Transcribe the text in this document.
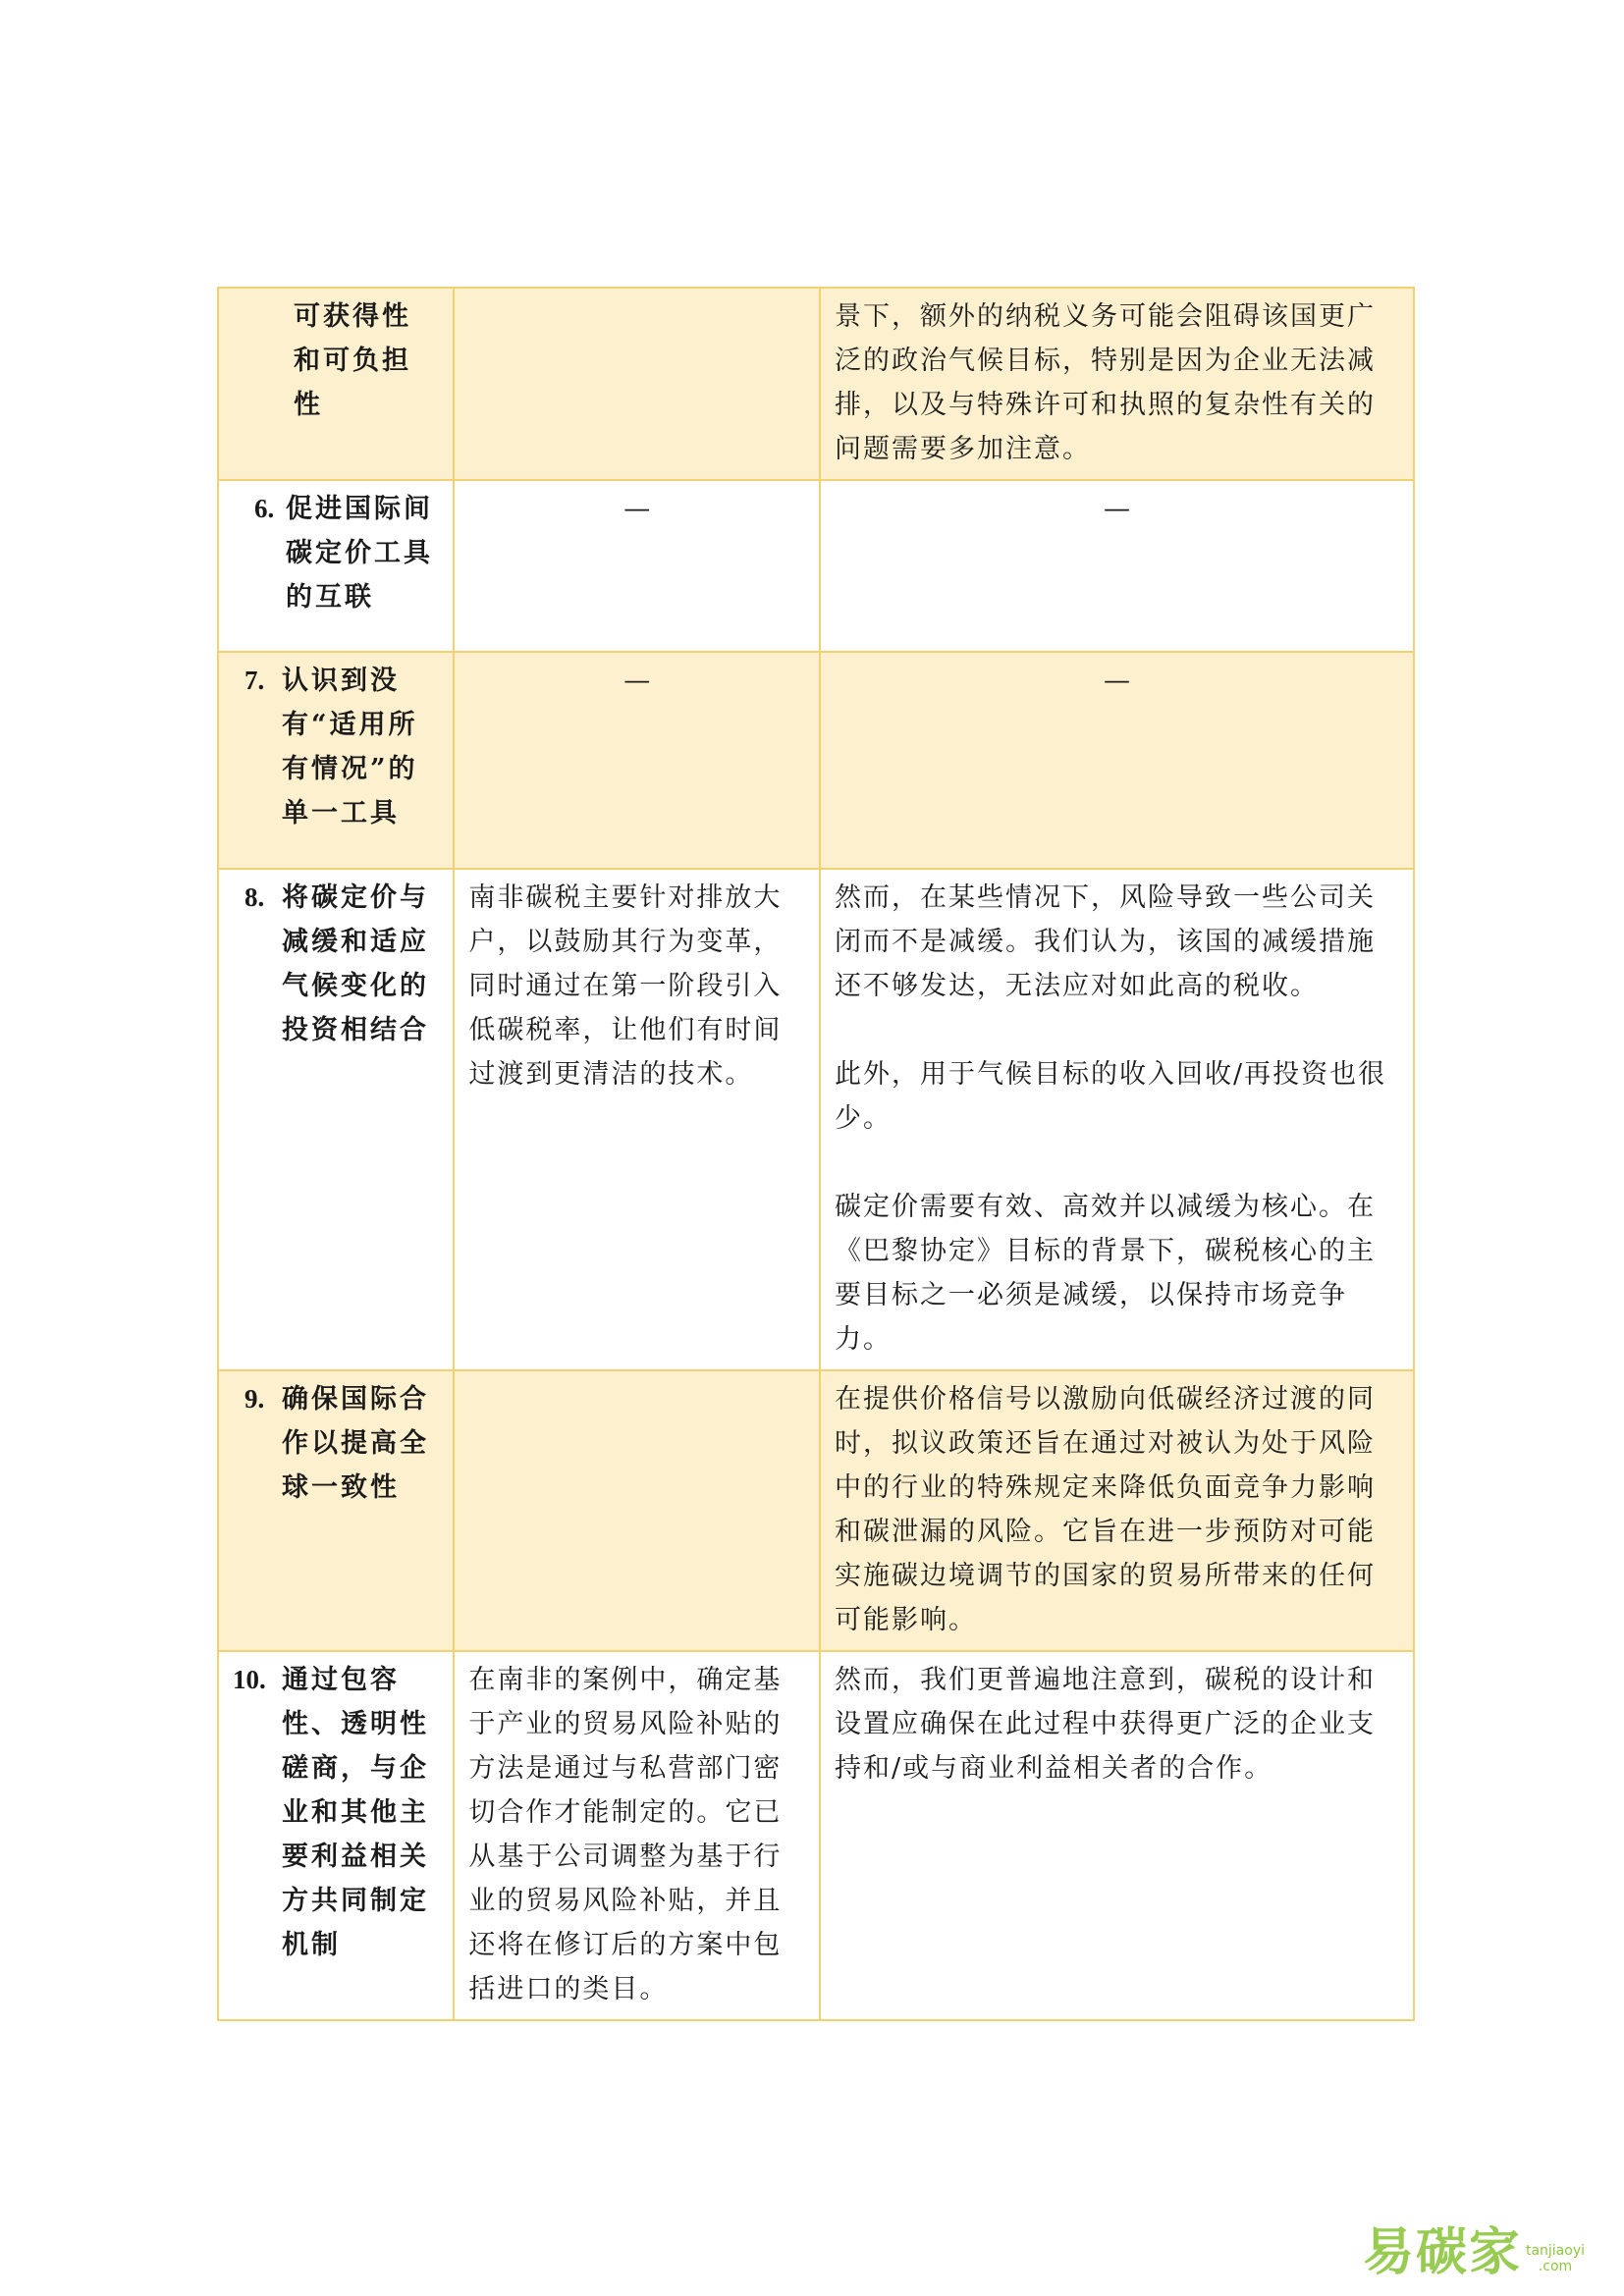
可获得性和可负担性		景下，额外的纳税义务可能会阻碍该国更广泛的政治气候目标，特别是因为企业无法减排，以及与特殊许可和执照的复杂性有关的问题需要多加注意。

6. 促进国际间碳定价工具的互联	—	—

7. 认识到没有“适用所有情况”的单一工具	—	—

8. 将碳定价与减缓和适应气候变化的投资相结合	南非碳税主要针对排放大户，以鼓励其行为变革，同时通过在第一阶段引入低碳税率，让他们有时间过渡到更清洁的技术。	然而，在某些情况下，风险导致一些公司关闭而不是减缓。我们认为，该国的减缓措施还不够发达，无法应对如此高的税收。

此外，用于气候目标的收入回收/再投资也很少。

碳定价需要有效、高效并以减缓为核心。在《巴黎协定》目标的背景下，碳税核心的主要目标之一必须是减缓，以保持市场竞争力。

9. 确保国际合作以提高全球一致性		在提供价格信号以激励向低碳经济过渡的同时，拟议政策还旨在通过对被认为处于风险中的行业的特殊规定来降低负面竞争力影响和碳泄漏的风险。它旨在进一步预防对可能实施碳边境调节的国家的贸易所带来的任何可能影响。

10. 通过包容性、透明性磋商，与企业和其他主要利益相关方共同制定机制	在南非的案例中，确定基于产业的贸易风险补贴的方法是通过与私营部门密切合作才能制定的。它已从基于公司调整为基于行业的贸易风险补贴，并且还将在修订后的方案中包括进口的类目。	然而，我们更普遍地注意到，碳税的设计和设置应确保在此过程中获得更广泛的企业支持和/或与商业利益相关者的合作。

易碳家 tanjiaoyi
.com
